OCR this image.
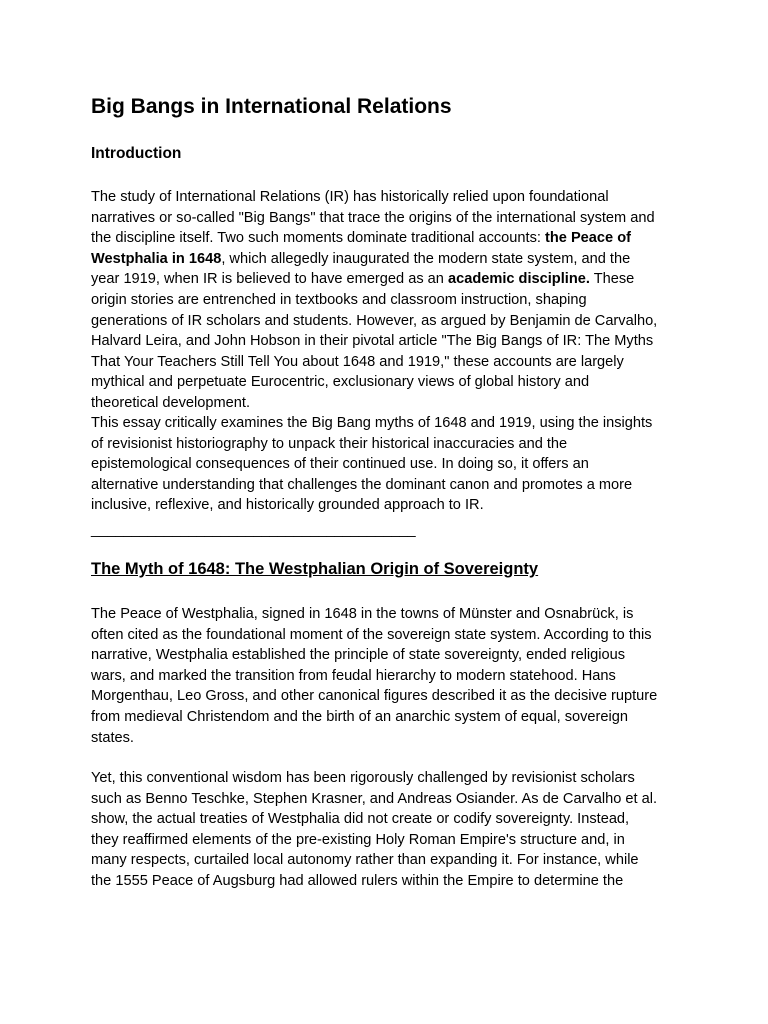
Big Bangs in International Relations
Introduction

The study of International Relations (IR) has historically relied upon foundational
narratives or so-called "Big Bangs" that trace the origins of the international system and
the discipline itself. Two such moments dominate traditional accounts: the Peace of
Westphalia in 1648, which allegedly inaugurated the modern state system, and the
year 1919, when IR is believed to have emerged as an academic discipline. These
origin stories are entrenched in textbooks and classroom instruction, shaping
generations of IR scholars and students. However, as argued by Benjamin de Carvalho,
Halvard Leira, and John Hobson in their pivotal article "The Big Bangs of IR: The Myths
That Your Teachers Still Tell You about 1648 and 1919," these accounts are largely
mythical and perpetuate Eurocentric, exclusionary views of global history and
theoretical development.

This essay critically examines the Big Bang myths of 1648 and 1919, using the insights
of revisionist historiography to unpack their historical inaccuracies and the
epistemological consequences of their continued use. In doing so, it offers an
alternative understanding that challenges the dominant canon and promotes a more
inclusive, reflexive, and historically grounded approach to IR.

________________________________________

The Myth of 1648: The Westphalian Origin of Sovereignty

The Peace of Westphalia, signed in 1648 in the towns of Münster and Osnabrück, is
often cited as the foundational moment of the sovereign state system. According to this
narrative, Westphalia established the principle of state sovereignty, ended religious
wars, and marked the transition from feudal hierarchy to modern statehood. Hans
Morgenthau, Leo Gross, and other canonical figures described it as the decisive rupture
from medieval Christendom and the birth of an anarchic system of equal, sovereign
states.

Yet, this conventional wisdom has been rigorously challenged by revisionist scholars
such as Benno Teschke, Stephen Krasner, and Andreas Osiander. As de Carvalho et al.
show, the actual treaties of Westphalia did not create or codify sovereignty. Instead,
they reaffirmed elements of the pre-existing Holy Roman Empire's structure and, in
many respects, curtailed local autonomy rather than expanding it. For instance, while
the 1555 Peace of Augsburg had allowed rulers within the Empire to determine the
